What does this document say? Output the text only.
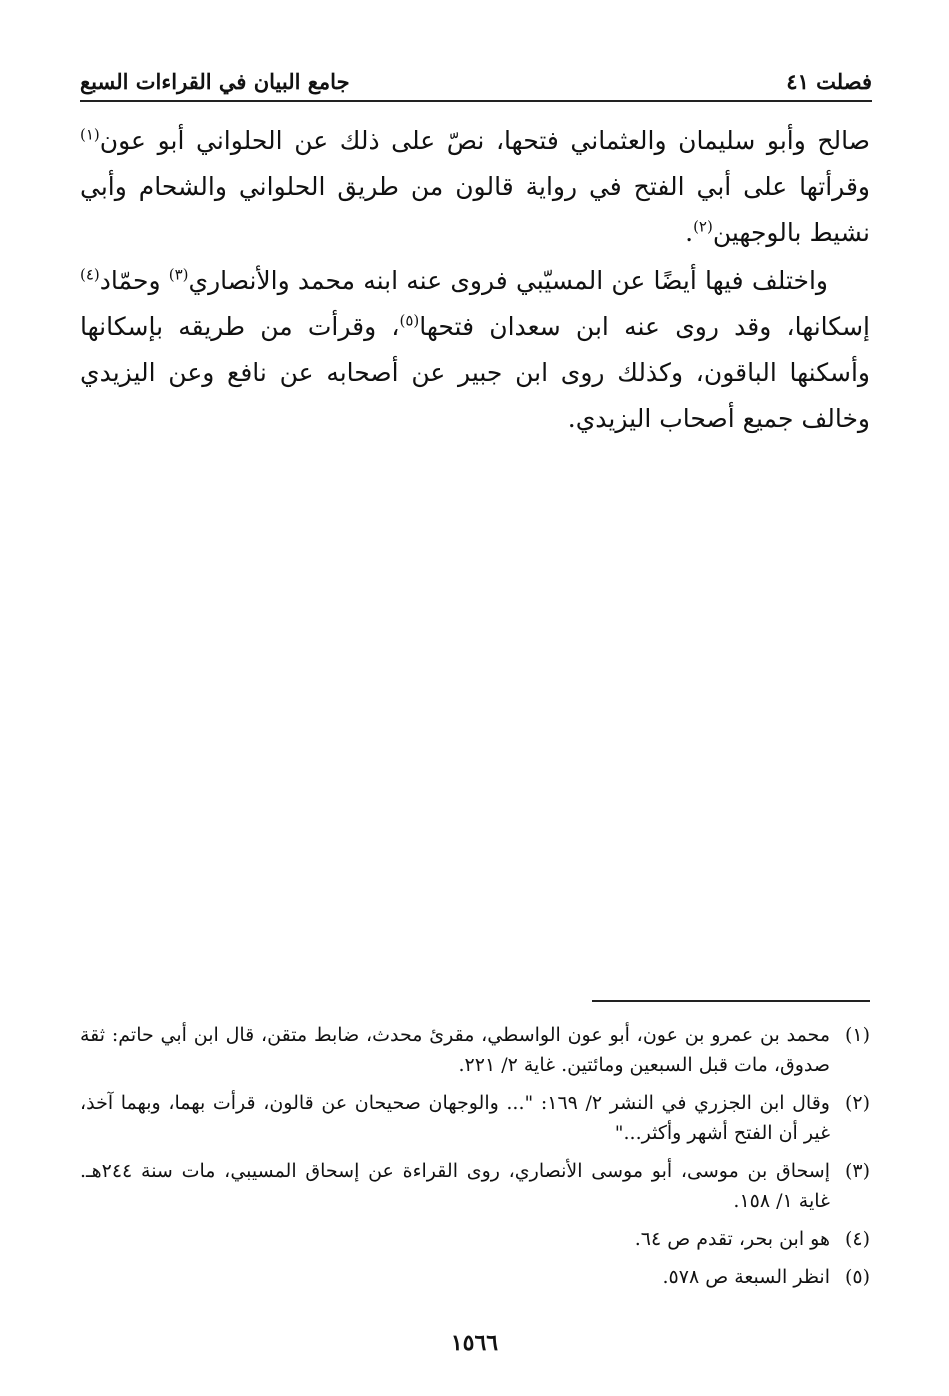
فصلت ٤١
جامع البيان في القراءات السبع

صالح وأبو سليمان والعثماني فتحها، نصّ على ذلك عن الحلواني أبو عون$^{(١)}$ وقرأتها على أبي الفتح في رواية قالون من طريق الحلواني والشحام وأبي نشيط بالوجهين$^{(٢)}$.

واختلف فيها أيضًا عن المسيّبي فروى عنه ابنه محمد والأنصاري$^{(٣)}$ وحمّاد$^{(٤)}$ إسكانها، وقد روى عنه ابن سعدان فتحها$^{(٥)}$، وقرأت من طريقه بإسكانها وأسكنها الباقون، وكذلك روى ابن جبير عن أصحابه عن نافع وعن اليزيدي وخالف جميع أصحاب اليزيدي.

(١)
محمد بن عمرو بن عون، أبو عون الواسطي، مقرئ محدث، ضابط متقن، قال ابن أبي حاتم: ثقة صدوق، مات قبل السبعين ومائتين. غاية ٢/ ٢٢١.
(٢)
وقال ابن الجزري في النشر ٢/ ١٦٩: "... والوجهان صحيحان عن قالون، قرأت بهما، وبهما آخذ، غير أن الفتح أشهر وأكثر..."
(٣)
إسحاق بن موسى، أبو موسى الأنصاري، روى القراءة عن إسحاق المسيبي، مات سنة ٢٤٤هـ. غاية ١/ ١٥٨.
(٤)
هو ابن بحر، تقدم ص ٦٤.
(٥)
انظر السبعة ص ٥٧٨.
١٥٦٦
